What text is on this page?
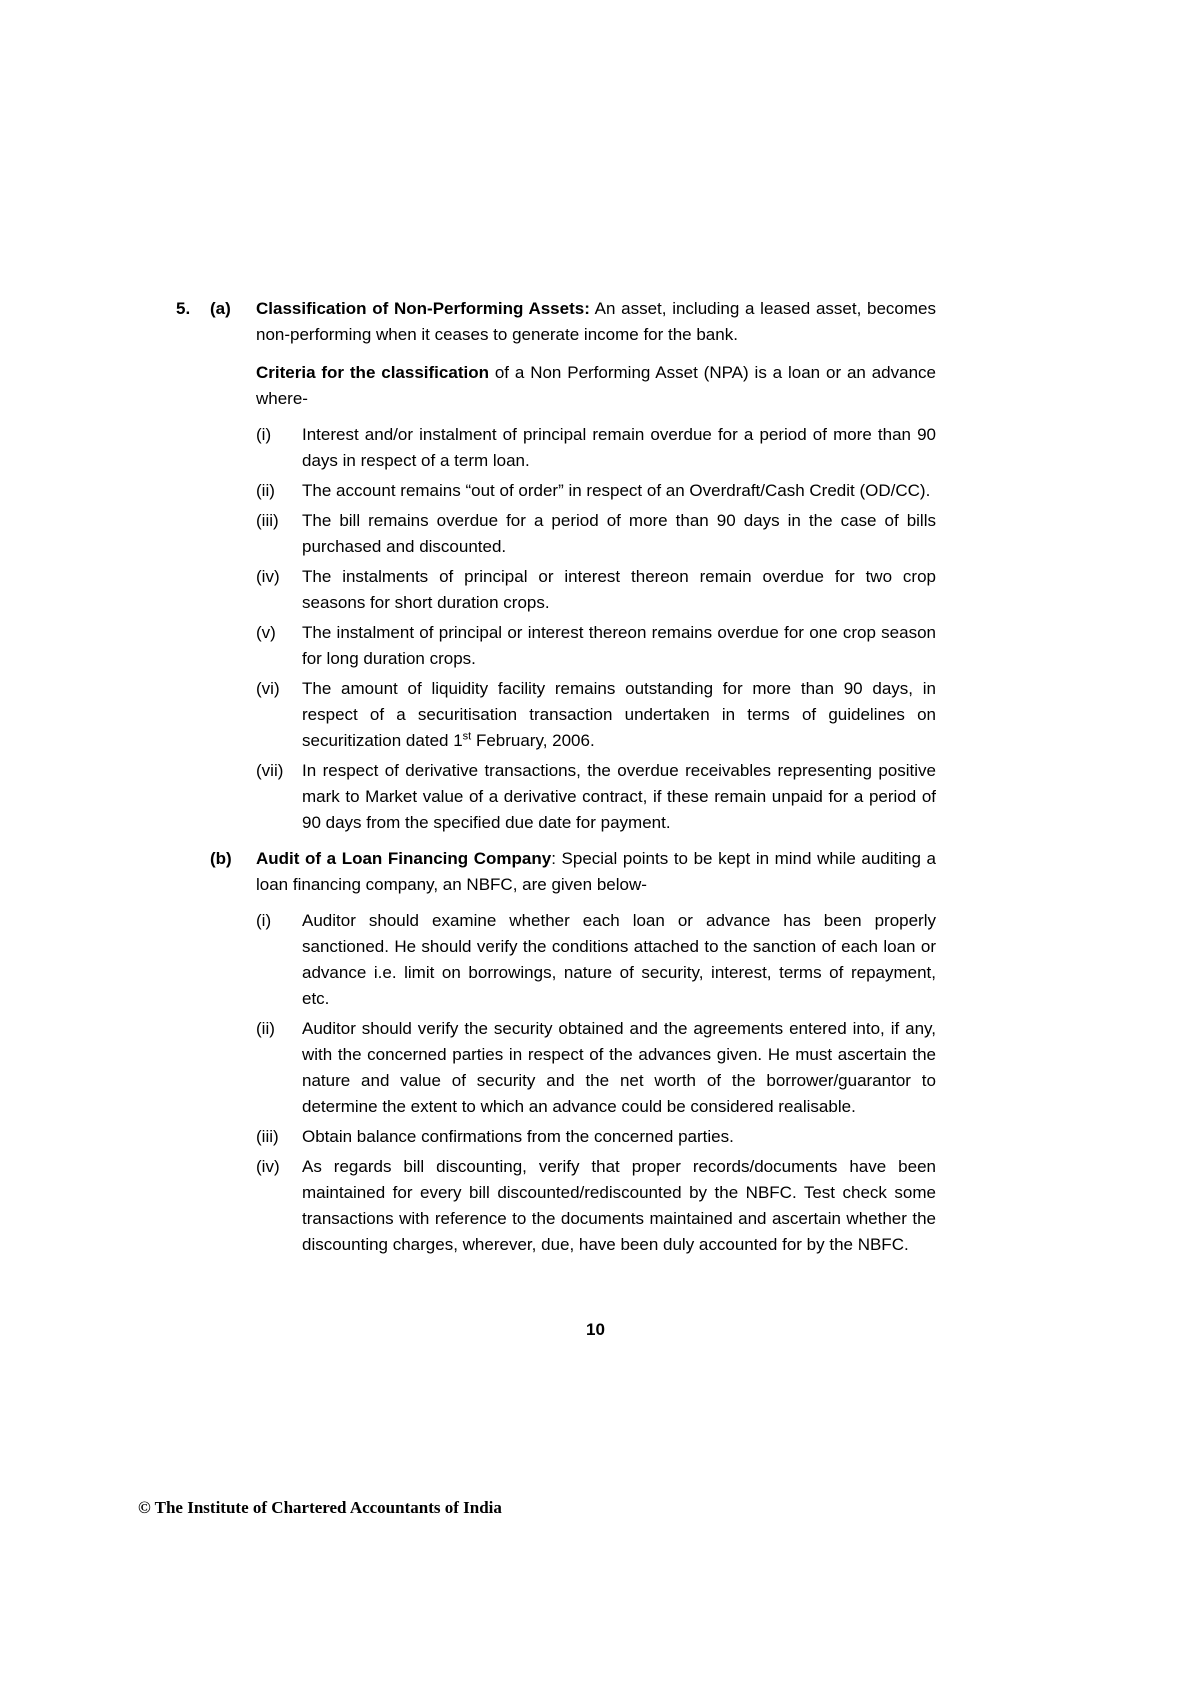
5.	(a)	Classification of Non-Performing Assets: An asset, including a leased asset, becomes non-performing when it ceases to generate income for the bank.
Criteria for the classification of a Non Performing Asset (NPA) is a loan or an advance where-
(i)	Interest and/or instalment of principal remain overdue for a period of more than 90 days in respect of a term loan.
(ii)	The account remains “out of order” in respect of an Overdraft/Cash Credit (OD/CC).
(iii)	The bill remains overdue for a period of more than 90 days in the case of bills purchased and discounted.
(iv)	The instalments of principal or interest thereon remain overdue for two crop seasons for short duration crops.
(v)	The instalment of principal or interest thereon remains overdue for one crop season for long duration crops.
(vi)	The amount of liquidity facility remains outstanding for more than 90 days, in respect of a securitisation transaction undertaken in terms of guidelines on securitization dated 1st February, 2006.
(vii)	In respect of derivative transactions, the overdue receivables representing positive mark to Market value of a derivative contract, if these remain unpaid for a period of 90 days from the specified due date for payment.
(b)	Audit of a Loan Financing Company: Special points to be kept in mind while auditing a loan financing company, an NBFC, are given below-
(i)	Auditor should examine whether each loan or advance has been properly sanctioned. He should verify the conditions attached to the sanction of each loan or advance i.e. limit on borrowings, nature of security, interest, terms of repayment, etc.
(ii)	Auditor should verify the security obtained and the agreements entered into, if any, with the concerned parties in respect of the advances given. He must ascertain the nature and value of security and the net worth of the borrower/guarantor to determine the extent to which an advance could be considered realisable.
(iii)	Obtain balance confirmations from the concerned parties.
(iv)	As regards bill discounting, verify that proper records/documents have been maintained for every bill discounted/rediscounted by the NBFC. Test check some transactions with reference to the documents maintained and ascertain whether the discounting charges, wherever, due, have been duly accounted for by the NBFC.
10
© The Institute of Chartered Accountants of India
